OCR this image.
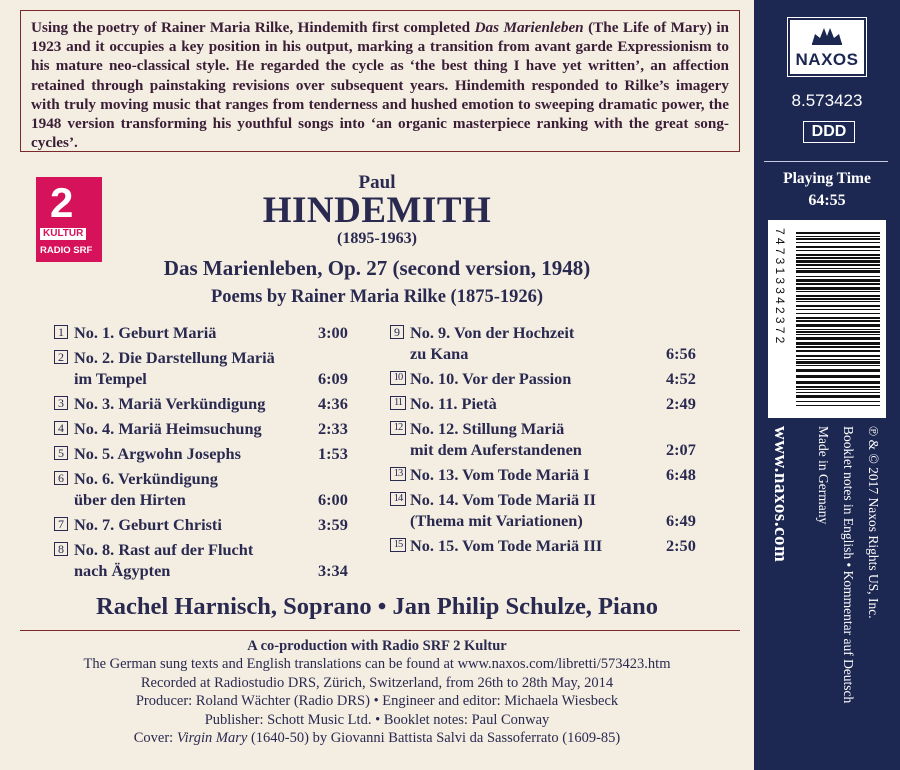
Using the poetry of Rainer Maria Rilke, Hindemith first completed Das Marienleben (The Life of Mary) in 1923 and it occupies a key position in his output, marking a transition from avant garde Expressionism to his mature neo-classical style. He regarded the cycle as ‘the best thing I have yet written’, an affection retained through painstaking revisions over subsequent years. Hindemith responded to Rilke’s imagery with truly moving music that ranges from tenderness and hushed emotion to sweeping dramatic power, the 1948 version transforming his youthful songs into ‘an organic masterpiece ranking with the great song-cycles’.
2
KULTUR
RADIO SRF
Paul
HINDEMITH
(1895-1963)
Das Marienleben, Op. 27 (second version, 1948)
Poems by Rainer Maria Rilke (1875-1926)
1 No. 1. Geburt Mariä	3:00
2 No. 2. Die Darstellung Mariä
im Tempel	6:09
3 No. 3. Mariä Verkündigung	4:36
4 No. 4. Mariä Heimsuchung	2:33
5 No. 5. Argwohn Josephs	1:53
6 No. 6. Verkündigung
über den Hirten	6:00
7 No. 7. Geburt Christi	3:59
8 No. 8. Rast auf der Flucht
nach Ägypten	3:34
9 No. 9. Von der Hochzeit
zu Kana	6:56
10 No. 10. Vor der Passion	4:52
11 No. 11. Pietà	2:49
12 No. 12. Stillung Mariä
mit dem Auferstandenen	2:07
13 No. 13. Vom Tode Mariä I	6:48
14 No. 14. Vom Tode Mariä II
(Thema mit Variationen)	6:49
15 No. 15. Vom Tode Mariä III	2:50
Rachel Harnisch, Soprano • Jan Philip Schulze, Piano
A co-production with Radio SRF 2 Kultur
The German sung texts and English translations can be found at www.naxos.com/libretti/573423.htm
Recorded at Radiostudio DRS, Zürich, Switzerland, from 26th to 28th May, 2014
Producer: Roland Wächter (Radio DRS) • Engineer and editor: Michaela Wiesbeck
Publisher: Schott Music Ltd. • Booklet notes: Paul Conway
Cover: Virgin Mary (1640-50) by Giovanni Battista Salvi da Sassoferrato (1609-85)
NAXOS
8.573423
DDD
Playing Time
64:55
747313342372
www.naxos.com	℗ & © 2017 Naxos Rights US, Inc.
Booklet notes in English • Kommentar auf Deutsch
Made in Germany
